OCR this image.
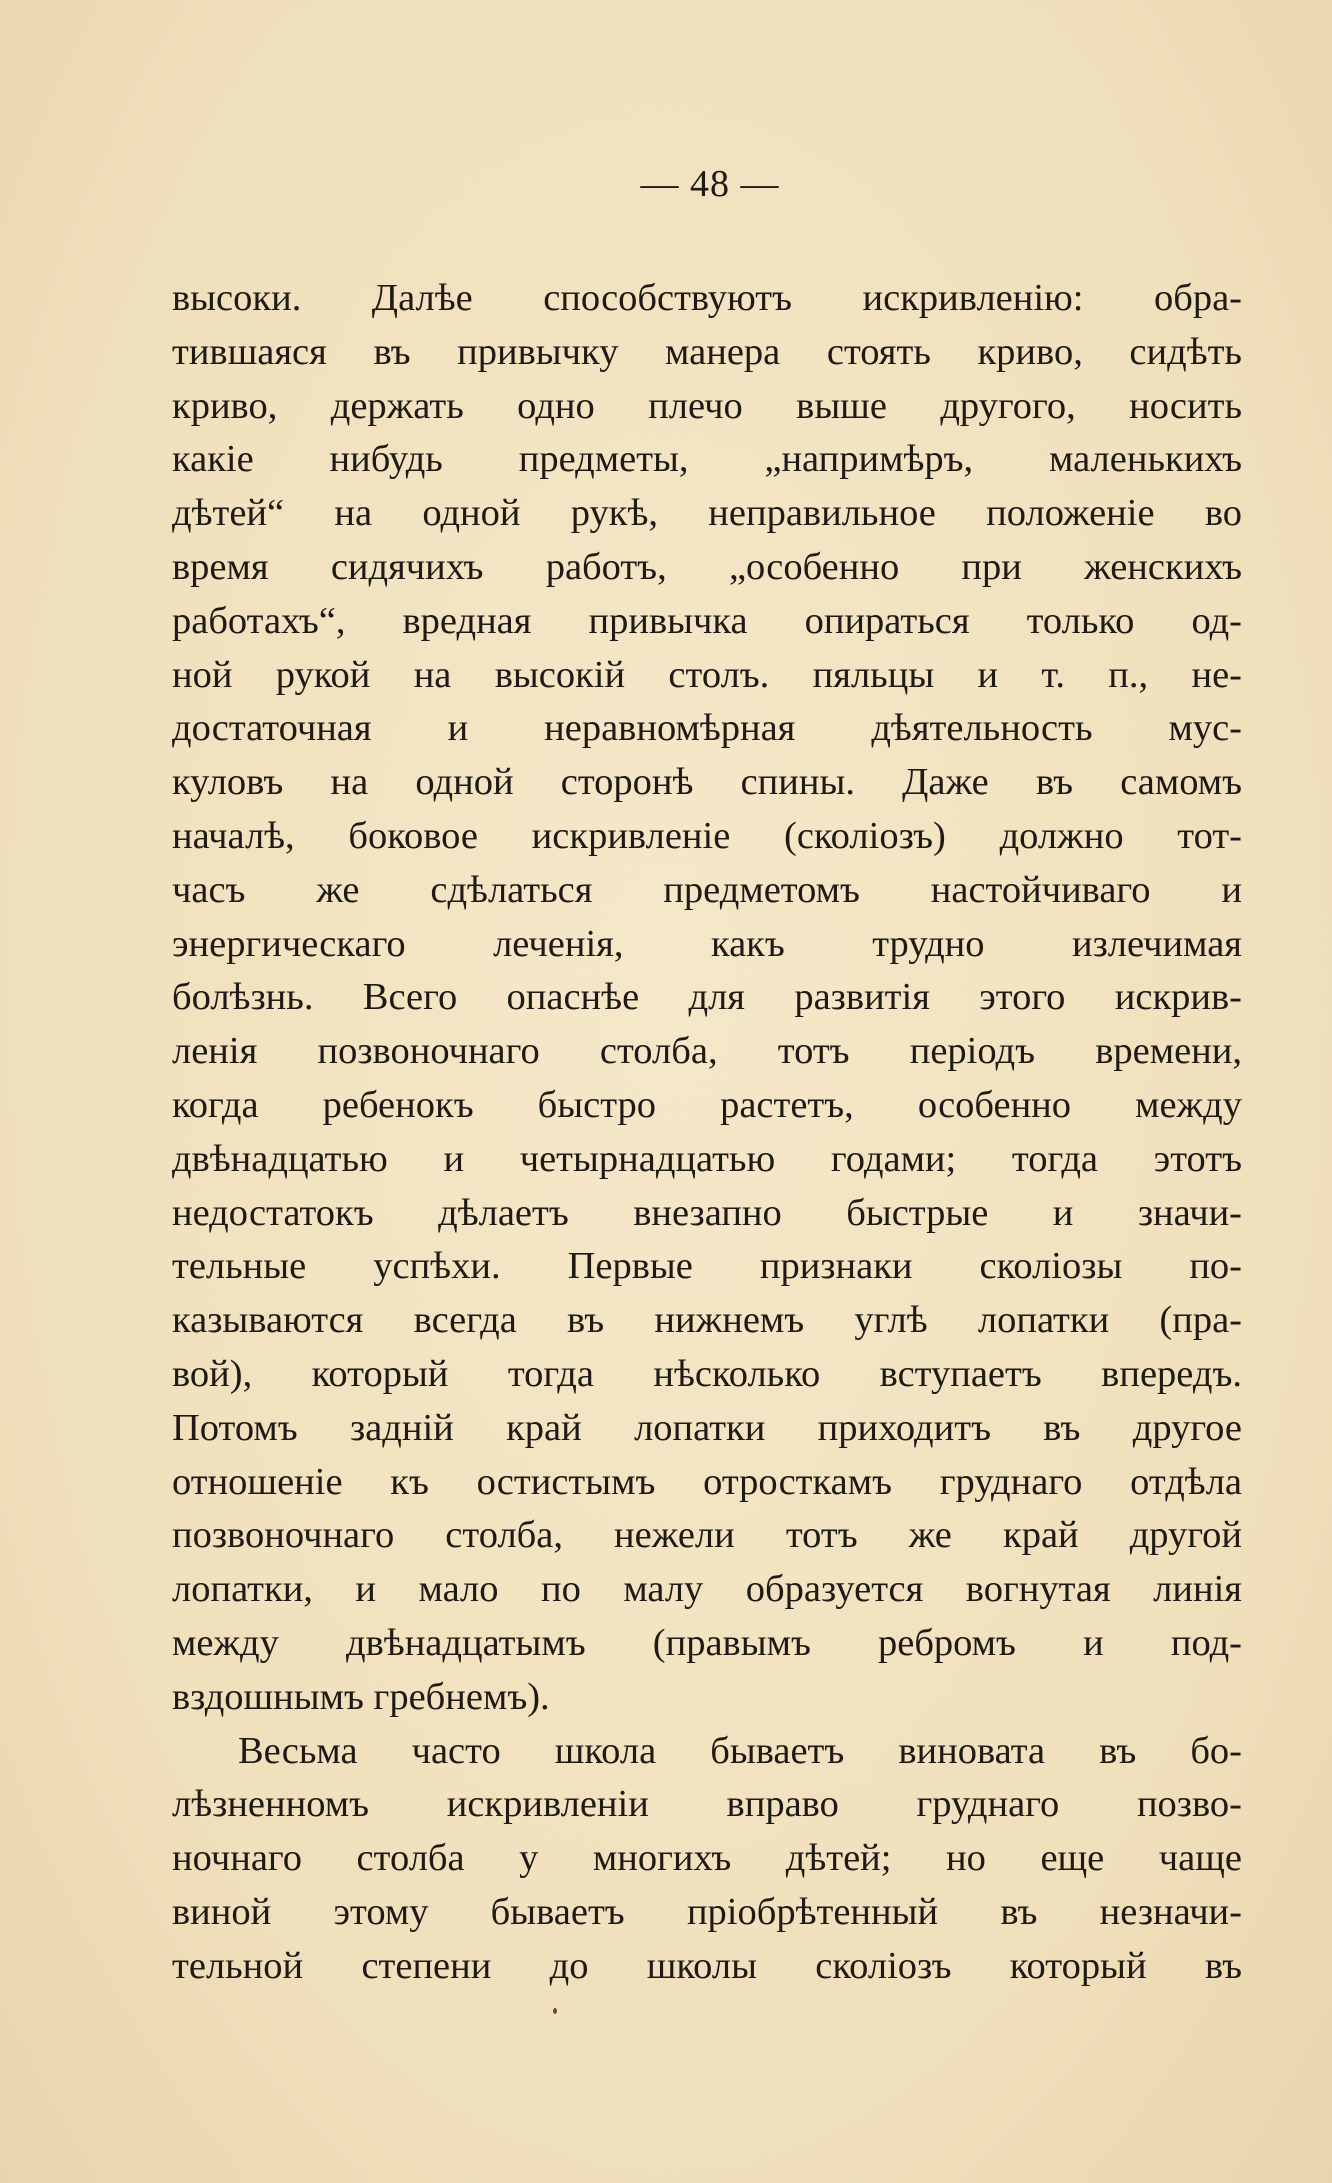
— 48 —
высоки. Далѣе способствуютъ искривленію: обра-
тившаяся въ привычку манера стоять криво, сидѣть
криво, держать одно плечо выше другого, носить
какіе нибудь предметы, „напримѣръ, маленькихъ
дѣтей“ на одной рукѣ, неправильное положеніе во
время сидячихъ работъ, „особенно при женскихъ
работахъ“, вредная привычка опираться только од-
ной рукой на высокій столъ. пяльцы и т. п., не-
достаточная и неравномѣрная дѣятельность мус-
куловъ на одной сторонѣ спины. Даже въ самомъ
началѣ, боковое искривленіе (сколіозъ) должно тот-
часъ же сдѣлаться предметомъ настойчиваго и
энергическаго леченія, какъ трудно излечимая
болѣзнь. Всего опаснѣе для развитія этого искрив-
ленія позвоночнаго столба, тотъ періодъ времени,
когда ребенокъ быстро растетъ, особенно между
двѣнадцатью и четырнадцатью годами; тогда этотъ
недостатокъ дѣлаетъ внезапно быстрые и значи-
тельные успѣхи. Первые признаки сколіозы по-
казываются всегда въ нижнемъ углѣ лопатки (пра-
вой), который тогда нѣсколько вступаетъ впередъ.
Потомъ задній край лопатки приходитъ въ другое
отношеніе къ остистымъ отросткамъ груднаго отдѣла
позвоночнаго столба, нежели тотъ же край другой
лопатки, и мало по малу образуется вогнутая линія
между двѣнадцатымъ (правымъ ребромъ и под-
вздошнымъ гребнемъ).
Весьма часто школа бываетъ виновата въ бо-
лѣзненномъ искривленіи вправо груднаго позво-
ночнаго столба у многихъ дѣтей; но еще чаще
виной этому бываетъ пріобрѣтенный въ незначи-
тельной степени до школы сколіозъ который въ
